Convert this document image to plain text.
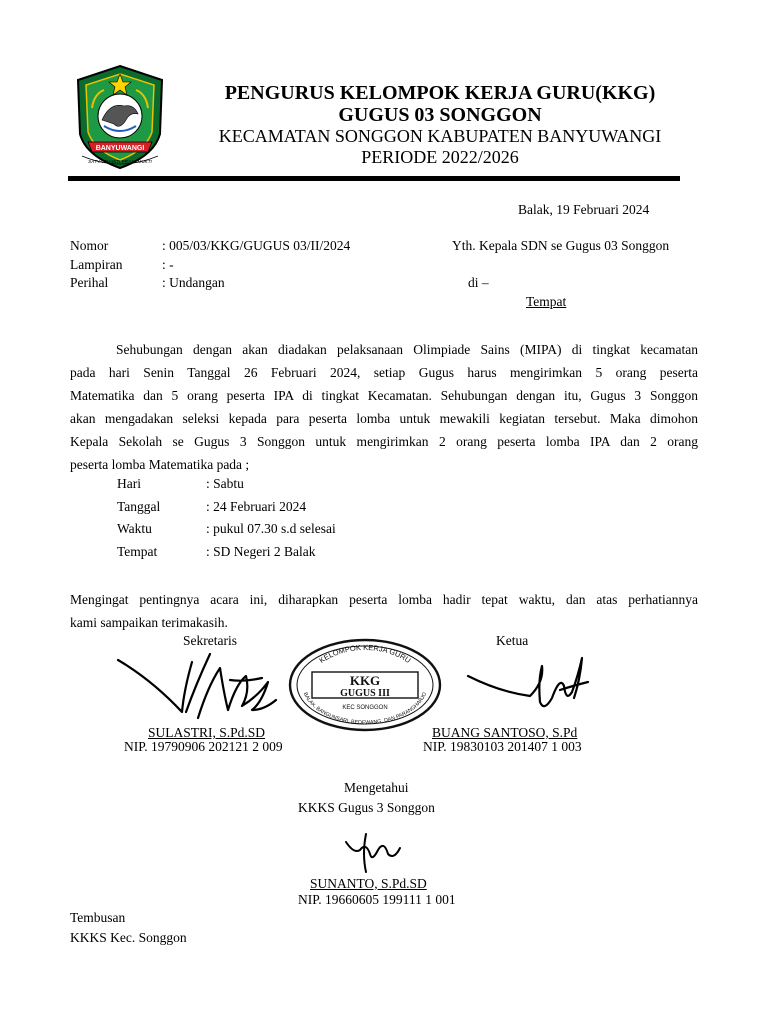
BANYUWANGI
SATYA BHAKTI PRAJA MUKTI
PENGURUS KELOMPOK KERJA GURU(KKG)
GUGUS 03 SONGGON
KECAMATAN SONGGON KABUPATEN BANYUWANGI
PERIODE 2022/2026
Balak, 19 Februari 2024
Nomor	: 005/03/KKG/GUGUS 03/II/2024
Lampiran	: -
Perihal	: Undangan
Yth. Kepala SDN se Gugus 03 Songgon
di –
Tempat
Sehubungan dengan akan diadakan pelaksanaan Olimpiade Sains (MIPA) di tingkat kecamatan
pada hari Senin Tanggal 26 Februari 2024, setiap Gugus harus mengirimkan 5 orang peserta
Matematika dan 5 orang peserta IPA di tingkat Kecamatan. Sehubungan dengan itu, Gugus 3 Songgon
akan mengadakan seleksi kepada para peserta lomba untuk mewakili kegiatan tersebut. Maka dimohon
Kepala Sekolah se Gugus 3 Songgon untuk mengirimkan 2 orang peserta lomba IPA dan 2 orang
peserta lomba Matematika pada ;
Hari	: Sabtu
Tanggal	: 24 Februari 2024
Waktu	: pukul 07.30 s.d selesai
Tempat	: SD Negeri 2 Balak
Mengingat pentingnya acara ini, diharapkan peserta lomba hadir tepat waktu, dan atas perhatiannya
kami sampaikan terimakasih.
Sekretaris	Ketua
KELOMPOK KERJA GURU
BALAK, BANGUNSARI, BEDEWANG, DAN PARANGHARJO
KKG
GUGUS III
KEC SONGGON
SULASTRI, S.Pd.SD
NIP. 19790906 202121 2 009
BUANG SANTOSO, S.Pd
NIP. 19830103 201407 1 003
Mengetahui
KKKS Gugus 3 Songgon
SUNANTO, S.Pd.SD
NIP. 19660605 199111 1 001
Tembusan
KKKS Kec. Songgon
